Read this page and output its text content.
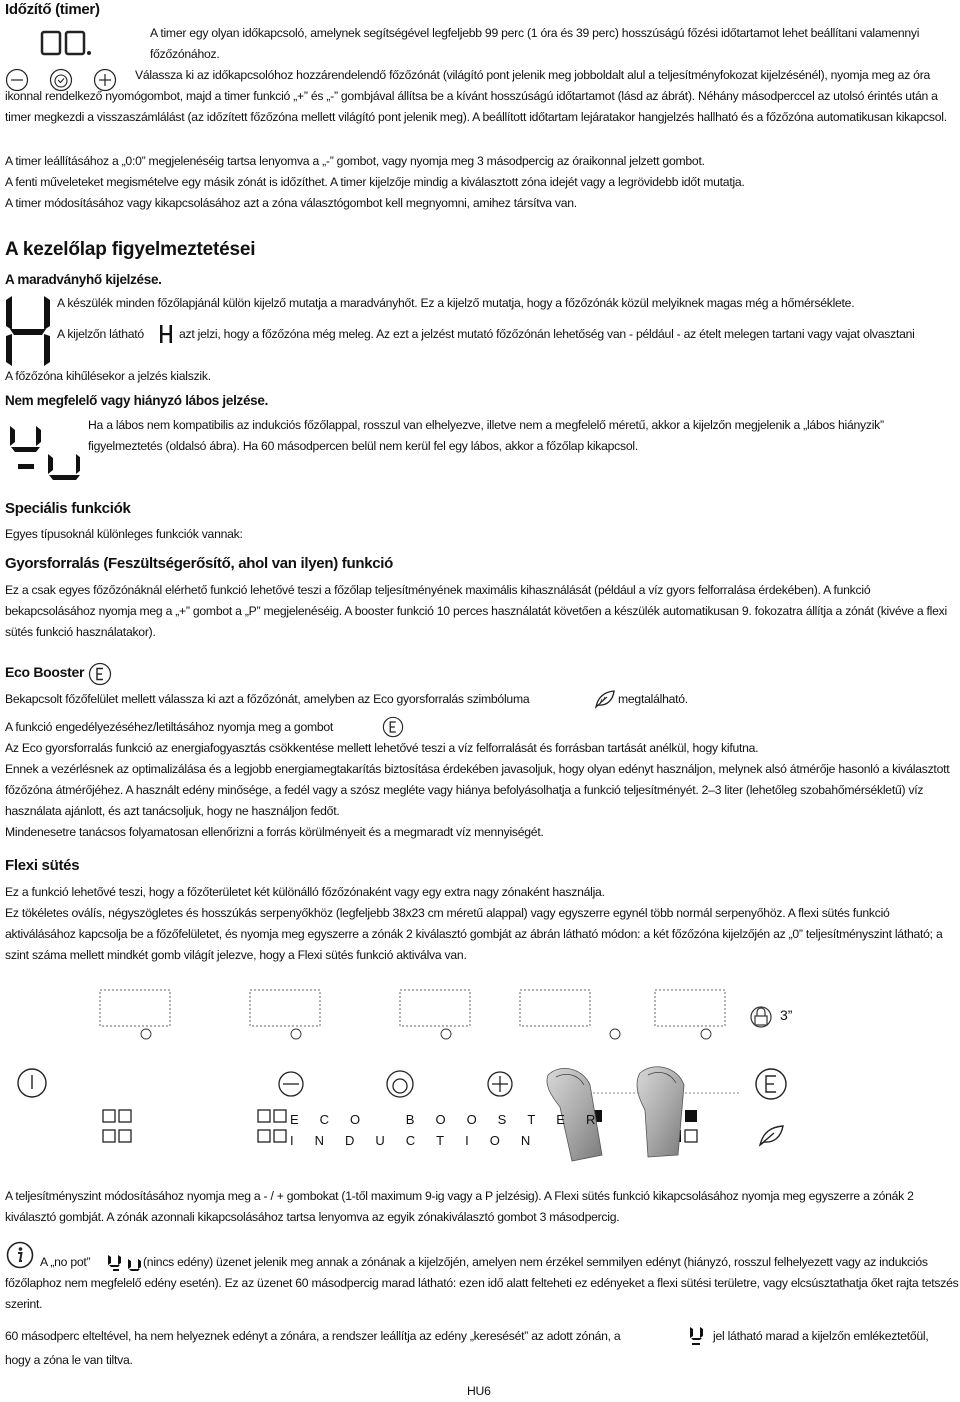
Időzítő (timer)
A timer egy olyan időkapcsoló, amelynek segítségével legfeljebb 99 perc (1 óra és 39 perc) hosszúságú főzési időtartamot lehet beállítani valamennyi főzőzónához.
Válassza ki az időkapcsolóhoz hozzárendelendő főzőzónát (világító pont jelenik meg jobboldalt alul a teljesítményfokozat kijelzésénél), nyomja meg az óra ikonnal rendelkező nyomógombot, majd a timer funkció „+” és „-” gombjával állítsa be a kívánt hosszúságú időtartamot (lásd az ábrát). Néhány másodperccel az utolsó érintés után a timer megkezdi a visszaszámlálást (az időzített főzőzóna mellett világító pont jelenik meg). A beállított időtartam lejáratakor hangjelzés hallható és a főzőzóna automatikusan kikapcsol.
A timer leállításához a „0:0” megjelenéséig tartsa lenyomva a „-” gombot, vagy nyomja meg 3 másodpercig az óraikonnal jelzett gombot.
A fenti műveleteket megismételve egy másik zónát is időzíthet. A timer kijelzője mindig a kiválasztott zóna idejét vagy a legrövidebb időt mutatja.
A timer módosításához vagy kikapcsolásához azt a zóna választógombot kell megnyomni, amihez társítva van.
A kezelőlap figyelmeztetései
A maradványhő kijelzése.
A készülék minden főzőlapjánál külön kijelző mutatja a maradványhőt. Ez a kijelző mutatja, hogy a főzőzónák közül melyiknek magas még a hőmérséklete.
A kijelzőn látható	azt jelzi, hogy a főzőzóna még meleg. Az ezt a jelzést mutató főzőzónán lehetőség van - például - az ételt melegen tartani vagy vajat olvasztani
A főzőzóna kihűlésekor a jelzés kialszik.
Nem megfelelő vagy hiányzó lábos jelzése.
Ha a lábos nem kompatibilis az indukciós főzőlappal, rosszul van elhelyezve, illetve nem a megfelelő méretű, akkor a kijelzőn megjelenik a „lábos hiányzik” figyelmeztetés (oldalsó ábra). Ha 60 másodpercen belül nem kerül fel egy lábos, akkor a főzőlap kikapcsol.
Speciális funkciók
Egyes típusoknál különleges funkciók vannak:
Gyorsforralás (Feszültségerősítő, ahol van ilyen) funkció
Ez a csak egyes főzőzónáknál elérhető funkció lehetővé teszi a főzőlap teljesítményének maximális kihasználását (például a víz gyors felforralása érdekében). A funkció bekapcsolásához nyomja meg a „+” gombot a „P” megjelenéséig. A booster funkció 10 perces használatát követően a készülék automatikusan 9. fokozatra állítja a zónát (kivéve a flexi sütés funkció használatakor).
Eco Booster
Bekapcsolt főzőfelület mellett válassza ki azt a főzőzónát, amelyben az Eco gyorsforralás szimbóluma	megtalálható.
A funkció engedélyezéséhez/letiltásához nyomja meg a gombot
Az Eco gyorsforralás funkció az energiafogyasztás csökkentése mellett lehetővé teszi a víz felforralását és forrásban tartását anélkül, hogy kifutna.
Ennek a vezérlésnek az optimalizálása és a legjobb energiamegtakarítás biztosítása érdekében javasoljuk, hogy olyan edényt használjon, melynek alsó átmérője hasonló a kiválasztott főzőzóna átmérőjéhez. A használt edény minősége, a fedél vagy a szósz megléte vagy hiánya befolyásolhatja a funkció teljesítményét. 2–3 liter (lehetőleg szobahőmérsékletű) víz használata ajánlott, és azt tanácsoljuk, hogy ne használjon fedőt.
Mindenesetre tanácsos folyamatosan ellenőrizni a forrás körülményeit és a megmaradt víz mennyiségét.
Flexi sütés
Ez a funkció lehetővé teszi, hogy a főzőterületet két különálló főzőzónaként vagy egy extra nagy zónaként használja.
Ez tökéletes oválís, négyszögletes és hosszúkás serpenyőkhöz (legfeljebb 38x23 cm méretű alappal) vagy egyszerre egynél több normál serpenyőhöz. A flexi sütés funkció aktiválásához kapcsolja be a főzőfelületet, és nyomja meg egyszerre a zónák 2 kiválasztó gombját az ábrán látható módon: a két főzőzóna kijelzőjén az „0” teljesítményszint látható; a szint száma mellett mindkét gomb világít jelezve, hogy a Flexi sütés funkció aktiválva van.
3”
ECO BOOSTER
INDUCTION
A teljesítményszint módosításához nyomja meg a - / + gombokat (1-től maximum 9-ig vagy a P jelzésig). A Flexi sütés funkció kikapcsolásához nyomja meg egyszerre a zónák 2 kiválasztó gombját. A zónák azonnali kikapcsolásához tartsa lenyomva az egyik zónakiválasztó gombot 3 másodpercig.
A „no pot”	(nincs edény) üzenet jelenik meg annak a zónának a kijelzőjén, amelyen nem érzékel semmilyen edényt (hiányzó, rosszul felhelyezett vagy az indukciós főzőlaphoz nem megfelelő edény esetén). Ez az üzenet 60 másodpercig marad látható: ezen idő alatt felteheti ez edényeket a flexi sütési területre, vagy elcsúsztathatja őket rajta tetszés szerint.
60 másodperc elteltével, ha nem helyeznek edényt a zónára, a rendszer leállítja az edény „keresését” az adott zónán, a	jel látható marad a kijelzőn emlékeztetőül,
hogy a zóna le van tiltva.
HU6
